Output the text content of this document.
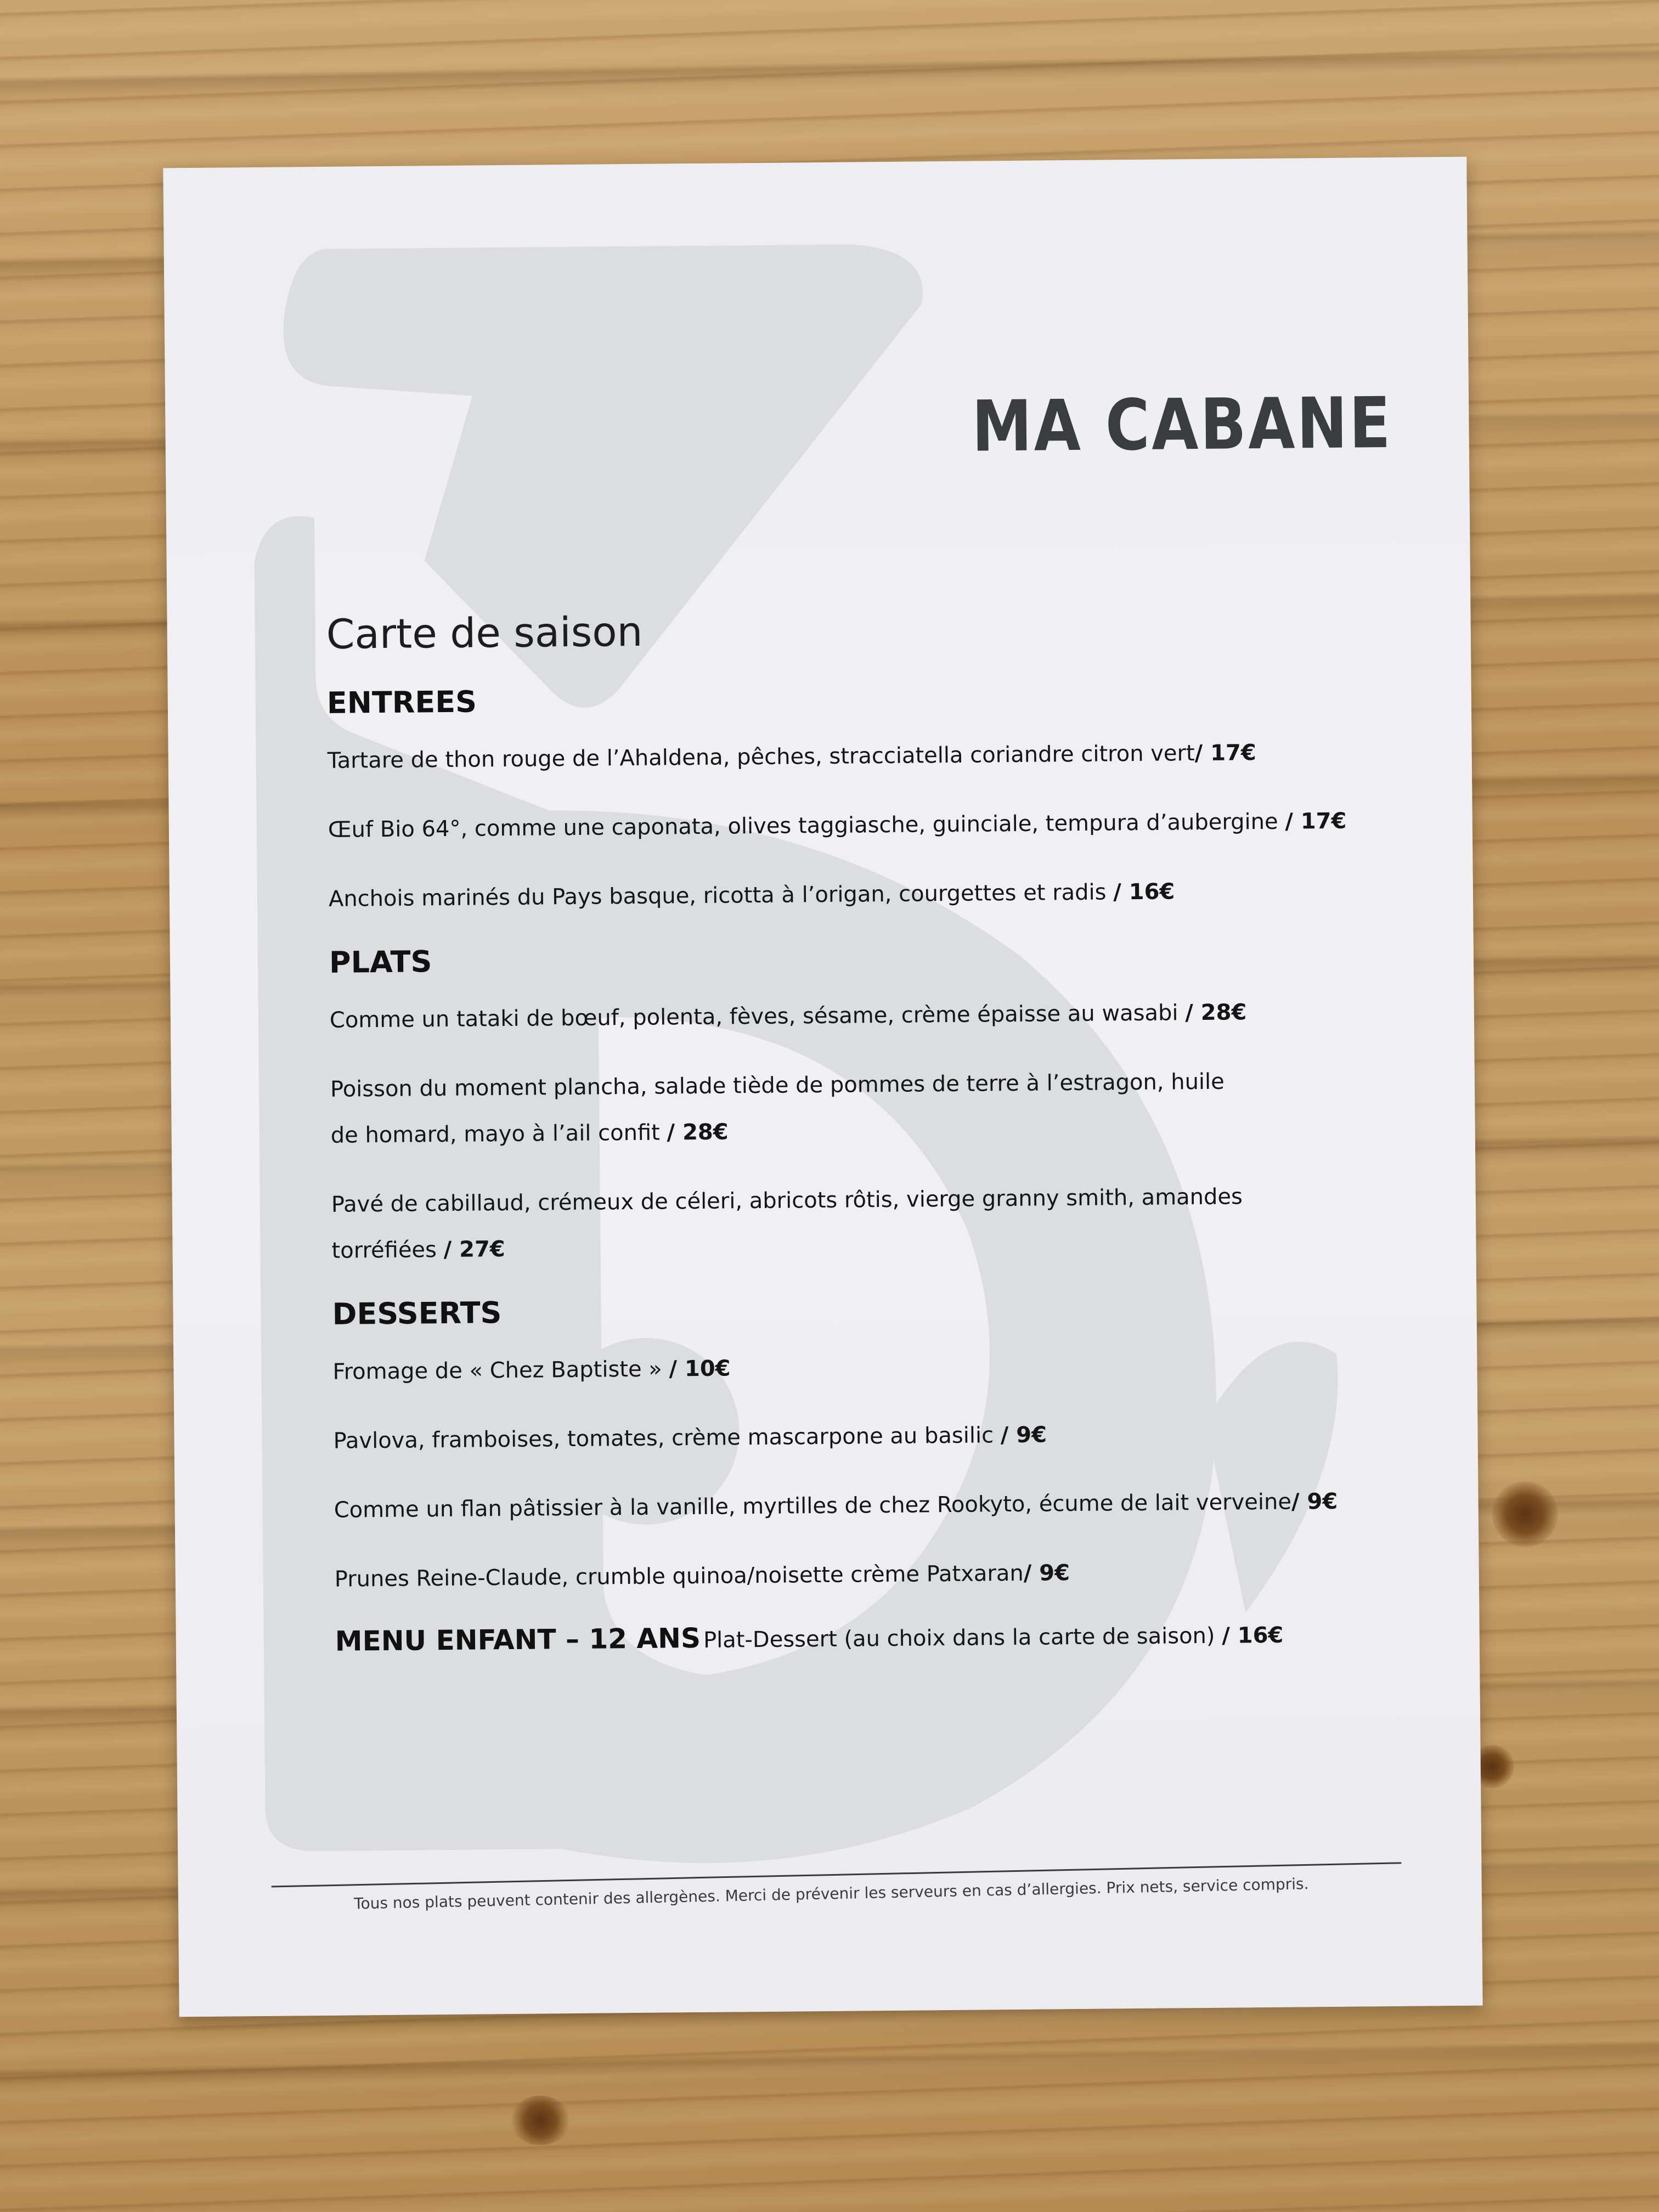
MA CABANE
Carte de saison
ENTREES
Tartare de thon rouge de l’Ahaldena, pêches, stracciatella coriandre citron vert/ 17€
Œuf Bio 64°, comme une caponata, olives taggiasche, guinciale, tempura d’aubergine / 17€
Anchois marinés du Pays basque, ricotta à l’origan, courgettes et radis / 16€
PLATS
Comme un tataki de bœuf, polenta, fèves, sésame, crème épaisse au wasabi / 28€
Poisson du moment plancha, salade tiède de pommes de terre à l’estragon, huile de homard, mayo à l’ail confit / 28€
Pavé de cabillaud, crémeux de céleri, abricots rôtis, vierge granny smith, amandes torréfiées / 27€
DESSERTS
Fromage de « Chez Baptiste » / 10€
Pavlova, framboises, tomates, crème mascarpone au basilic / 9€
Comme un flan pâtissier à la vanille, myrtilles de chez Rookyto, écume de lait verveine/ 9€
Prunes Reine-Claude, crumble quinoa/noisette crème Patxaran/ 9€
MENU ENFANT – 12 ANS Plat-Dessert (au choix dans la carte de saison) / 16€
Tous nos plats peuvent contenir des allergènes. Merci de prévenir les serveurs en cas d’allergies. Prix nets, service compris.
